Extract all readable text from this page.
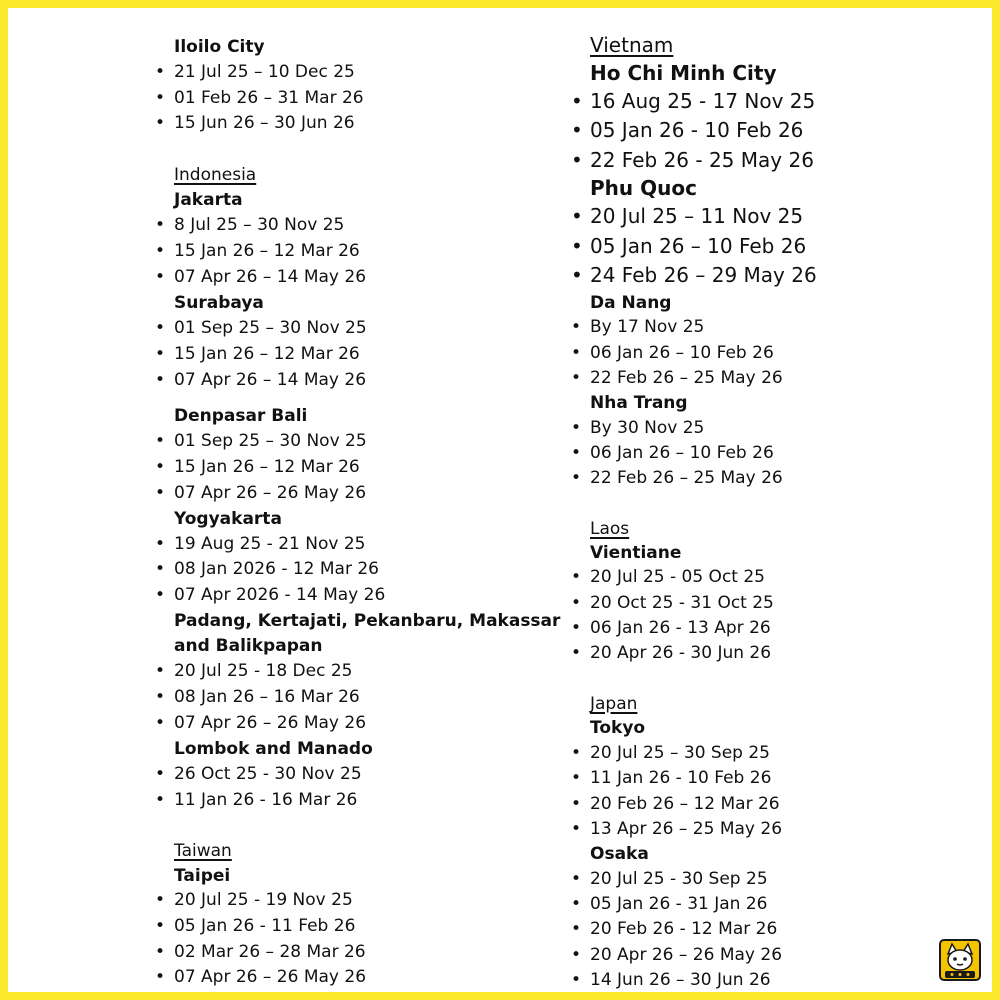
Iloilo City
• 21 Jul 25 – 10 Dec 25
• 01 Feb 26 – 31 Mar 26
• 15 Jun 26 – 30 Jun 26
Indonesia
Jakarta
• 8 Jul 25 – 30 Nov 25
• 15 Jan 26 – 12 Mar 26
• 07 Apr 26 – 14 May 26
Surabaya
• 01 Sep 25 – 30 Nov 25
• 15 Jan 26 – 12 Mar 26
• 07 Apr 26 – 14 May 26
Denpasar Bali
• 01 Sep 25 – 30 Nov 25
• 15 Jan 26 – 12 Mar 26
• 07 Apr 26 – 26 May 26
Yogyakarta
• 19 Aug 25 - 21 Nov 25
• 08 Jan 2026 - 12 Mar 26
• 07 Apr 2026 - 14 May 26
Padang, Kertajati, Pekanbaru, Makassar
and Balikpapan
• 20 Jul 25 - 18 Dec 25
• 08 Jan 26 – 16 Mar 26
• 07 Apr 26 – 26 May 26
Lombok and Manado
• 26 Oct 25 - 30 Nov 25
• 11 Jan 26 - 16 Mar 26
Taiwan
Taipei
• 20 Jul 25 - 19 Nov 25
• 05 Jan 26 - 11 Feb 26
• 02 Mar 26 – 28 Mar 26
• 07 Apr 26 – 26 May 26
Vietnam
Ho Chi Minh City
• 16 Aug 25 - 17 Nov 25
• 05 Jan 26 - 10 Feb 26
• 22 Feb 26 - 25 May 26
Phu Quoc
• 20 Jul 25 – 11 Nov 25
• 05 Jan 26 – 10 Feb 26
• 24 Feb 26 – 29 May 26
Da Nang
• By 17 Nov 25
• 06 Jan 26 – 10 Feb 26
• 22 Feb 26 – 25 May 26
Nha Trang
• By 30 Nov 25
• 06 Jan 26 – 10 Feb 26
• 22 Feb 26 – 25 May 26
Laos
Vientiane
• 20 Jul 25 - 05 Oct 25
• 20 Oct 25 - 31 Oct 25
• 06 Jan 26 - 13 Apr 26
• 20 Apr 26 - 30 Jun 26
Japan
Tokyo
• 20 Jul 25 – 30 Sep 25
• 11 Jan 26 - 10 Feb 26
• 20 Feb 26 – 12 Mar 26
• 13 Apr 26 – 25 May 26
Osaka
• 20 Jul 25 - 30 Sep 25
• 05 Jan 26 - 31 Jan 26
• 20 Feb 26 - 12 Mar 26
• 20 Apr 26 – 26 May 26
• 14 Jun 26 – 30 Jun 26
